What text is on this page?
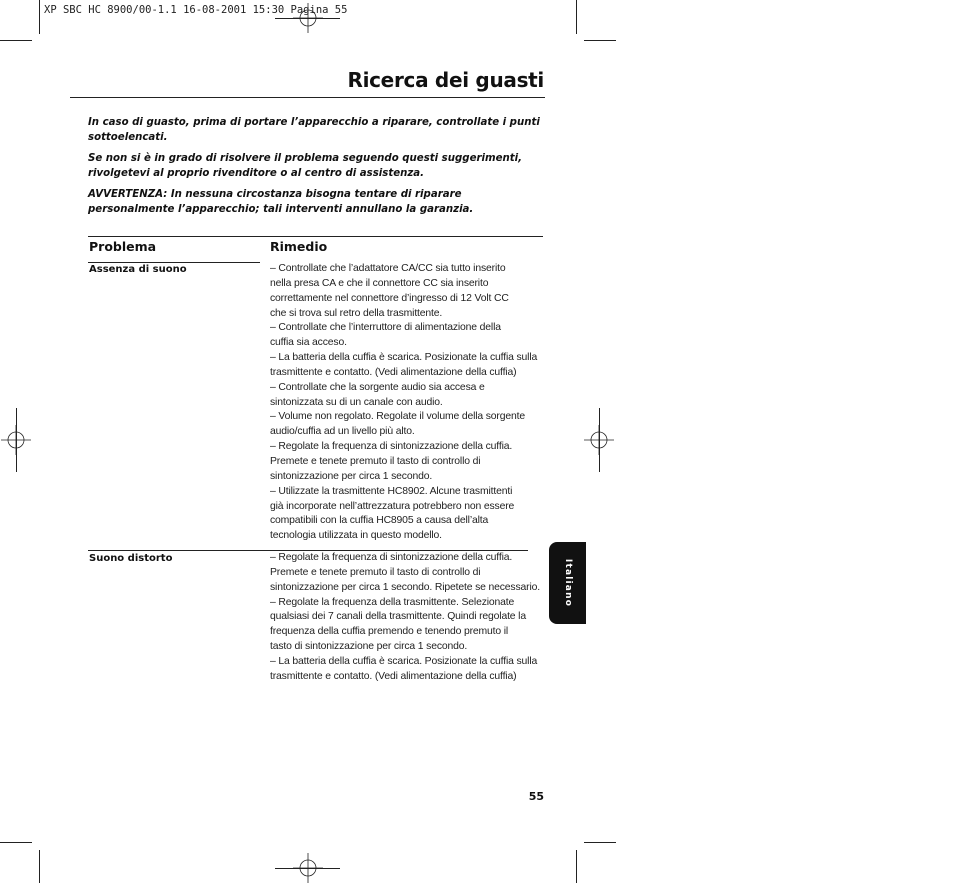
XP SBC HC 8900/00-1.1 16-08-2001 15:30 Pagina 55
Ricerca dei guasti

In caso di guasto, prima di portare l’apparecchio a riparare, controllate i punti sottoelencati.

Se non si è in grado di risolvere il problema seguendo questi suggerimenti, rivolgetevi al proprio rivenditore o al centro di assistenza.

AVVERTENZA: In nessuna circostanza bisogna tentare di riparare personalmente l’apparecchio; tali interventi annullano la garanzia.

Problema	Rimedio
Assenza di suono	– Controllate che l’adattatore CA/CC sia tutto inserito
nella presa CA e che il connettore CC sia inserito
correttamente nel connettore d’ingresso di 12 Volt CC
che si trova sul retro della trasmittente.
– Controllate che l’interruttore di alimentazione della
cuffia sia acceso.
– La batteria della cuffia è scarica. Posizionate la cuffia sulla
trasmittente e contatto. (Vedi alimentazione della cuffia)
– Controllate che la sorgente audio sia accesa e
sintonizzata su di un canale con audio.
– Volume non regolato. Regolate il volume della sorgente
audio/cuffia ad un livello più alto.
– Regolate la frequenza di sintonizzazione della cuffia.
Premete e tenete premuto il tasto di controllo di
sintonizzazione per circa 1 secondo.
– Utilizzate la trasmittente HC8902. Alcune trasmittenti
già incorporate nell’attrezzatura potrebbero non essere
compatibili con la cuffia HC8905 a causa dell’alta
tecnologia utilizzata in questo modello.
Suono distorto	– Regolate la frequenza di sintonizzazione della cuffia.
Premete e tenete premuto il tasto di controllo di
sintonizzazione per circa 1 secondo. Ripetete se necessario.
– Regolate la frequenza della trasmittente. Selezionate
qualsiasi dei 7 canali della trasmittente. Quindi regolate la
frequenza della cuffia premendo e tenendo premuto il
tasto di sintonizzazione per circa 1 secondo.
– La batteria della cuffia è scarica. Posizionate la cuffia sulla
trasmittente e contatto. (Vedi alimentazione della cuffia)
Italiano
55
